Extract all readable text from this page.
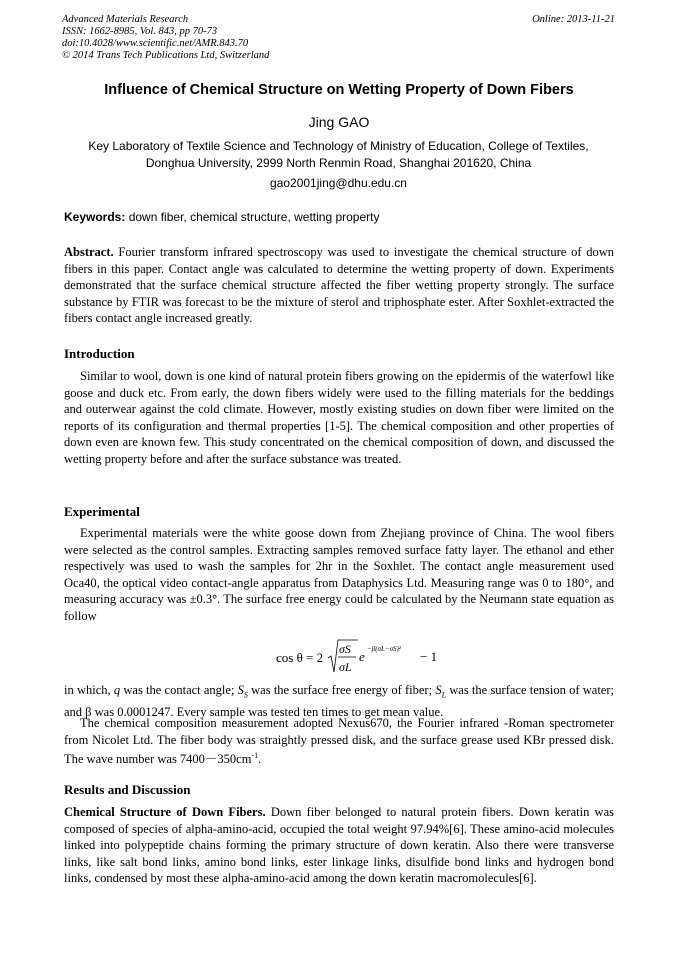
Advanced Materials Research
ISSN: 1662-8985, Vol. 843, pp 70-73
doi:10.4028/www.scientific.net/AMR.843.70
© 2014 Trans Tech Publications Ltd, Switzerland
Online: 2013-11-21
Influence of Chemical Structure on Wetting Property of Down Fibers
Jing GAO
Key Laboratory of Textile Science and Technology of Ministry of Education, College of Textiles,
Donghua University, 2999 North Renmin Road, Shanghai 201620, China
gao2001jing@dhu.edu.cn
Keywords: down fiber, chemical structure, wetting property

Abstract. Fourier transform infrared spectroscopy was used to investigate the chemical structure of down fibers in this paper. Contact angle was calculated to determine the wetting property of down. Experiments demonstrated that the surface chemical structure affected the fiber wetting property strongly. The surface substance by FTIR was forecast to be the mixture of sterol and triphosphate ester. After Soxhlet-extracted the fibers contact angle increased greatly.

Introduction

Similar to wool, down is one kind of natural protein fibers growing on the epidermis of the waterfowl like goose and duck etc. From early, the down fibers widely were used to the filling materials for the beddings and outerwear against the cold climate. However, mostly existing studies on down fiber were limited on the reports of its configuration and thermal properties [1-5]. The chemical composition and other properties of down even are known few. This study concentrated on the chemical composition of down, and discussed the wetting property before and after the surface substance was treated.

Experimental

Experimental materials were the white goose down from Zhejiang province of China. The wool fibers were selected as the control samples. Extracting samples removed surface fatty layer. The ethanol and ether respectively was used to wash the samples for 2hr in the Soxhlet. The contact angle measurement used Oca40, the optical video contact-angle apparatus from Dataphysics Ltd. Measuring range was 0 to 180°, and measuring accuracy was ±0.3°. The surface free energy could be calculated by the Neumann state equation as follow

cos θ = 2
σS
σL
e −β(σL−σS)² − 1

in which, q was the contact angle; $S_S$ was the surface free energy of fiber; $S_L$ was the surface tension of water; and β was 0.0001247. Every sample was tested ten times to get mean value.

The chemical composition measurement adopted Nexus670, the Fourier infrared -Roman spectrometer from Nicolet Ltd. The fiber body was straightly pressed disk, and the surface grease used KBr pressed disk. The wave number was $7400-350cm^{-1}$.

Results and Discussion

Chemical Structure of Down Fibers. Down fiber belonged to natural protein fibers. Down keratin was composed of species of alpha-amino-acid, occupied the total weight 97.94%[6]. These amino-acid molecules linked into polypeptide chains forming the primary structure of down keratin. Also there were transverse links, like salt bond links, amino bond links, ester linkage links, disulfide bond links and hydrogen bond links, condensed by most these alpha-amino-acid among the down keratin macromolecules[6].
